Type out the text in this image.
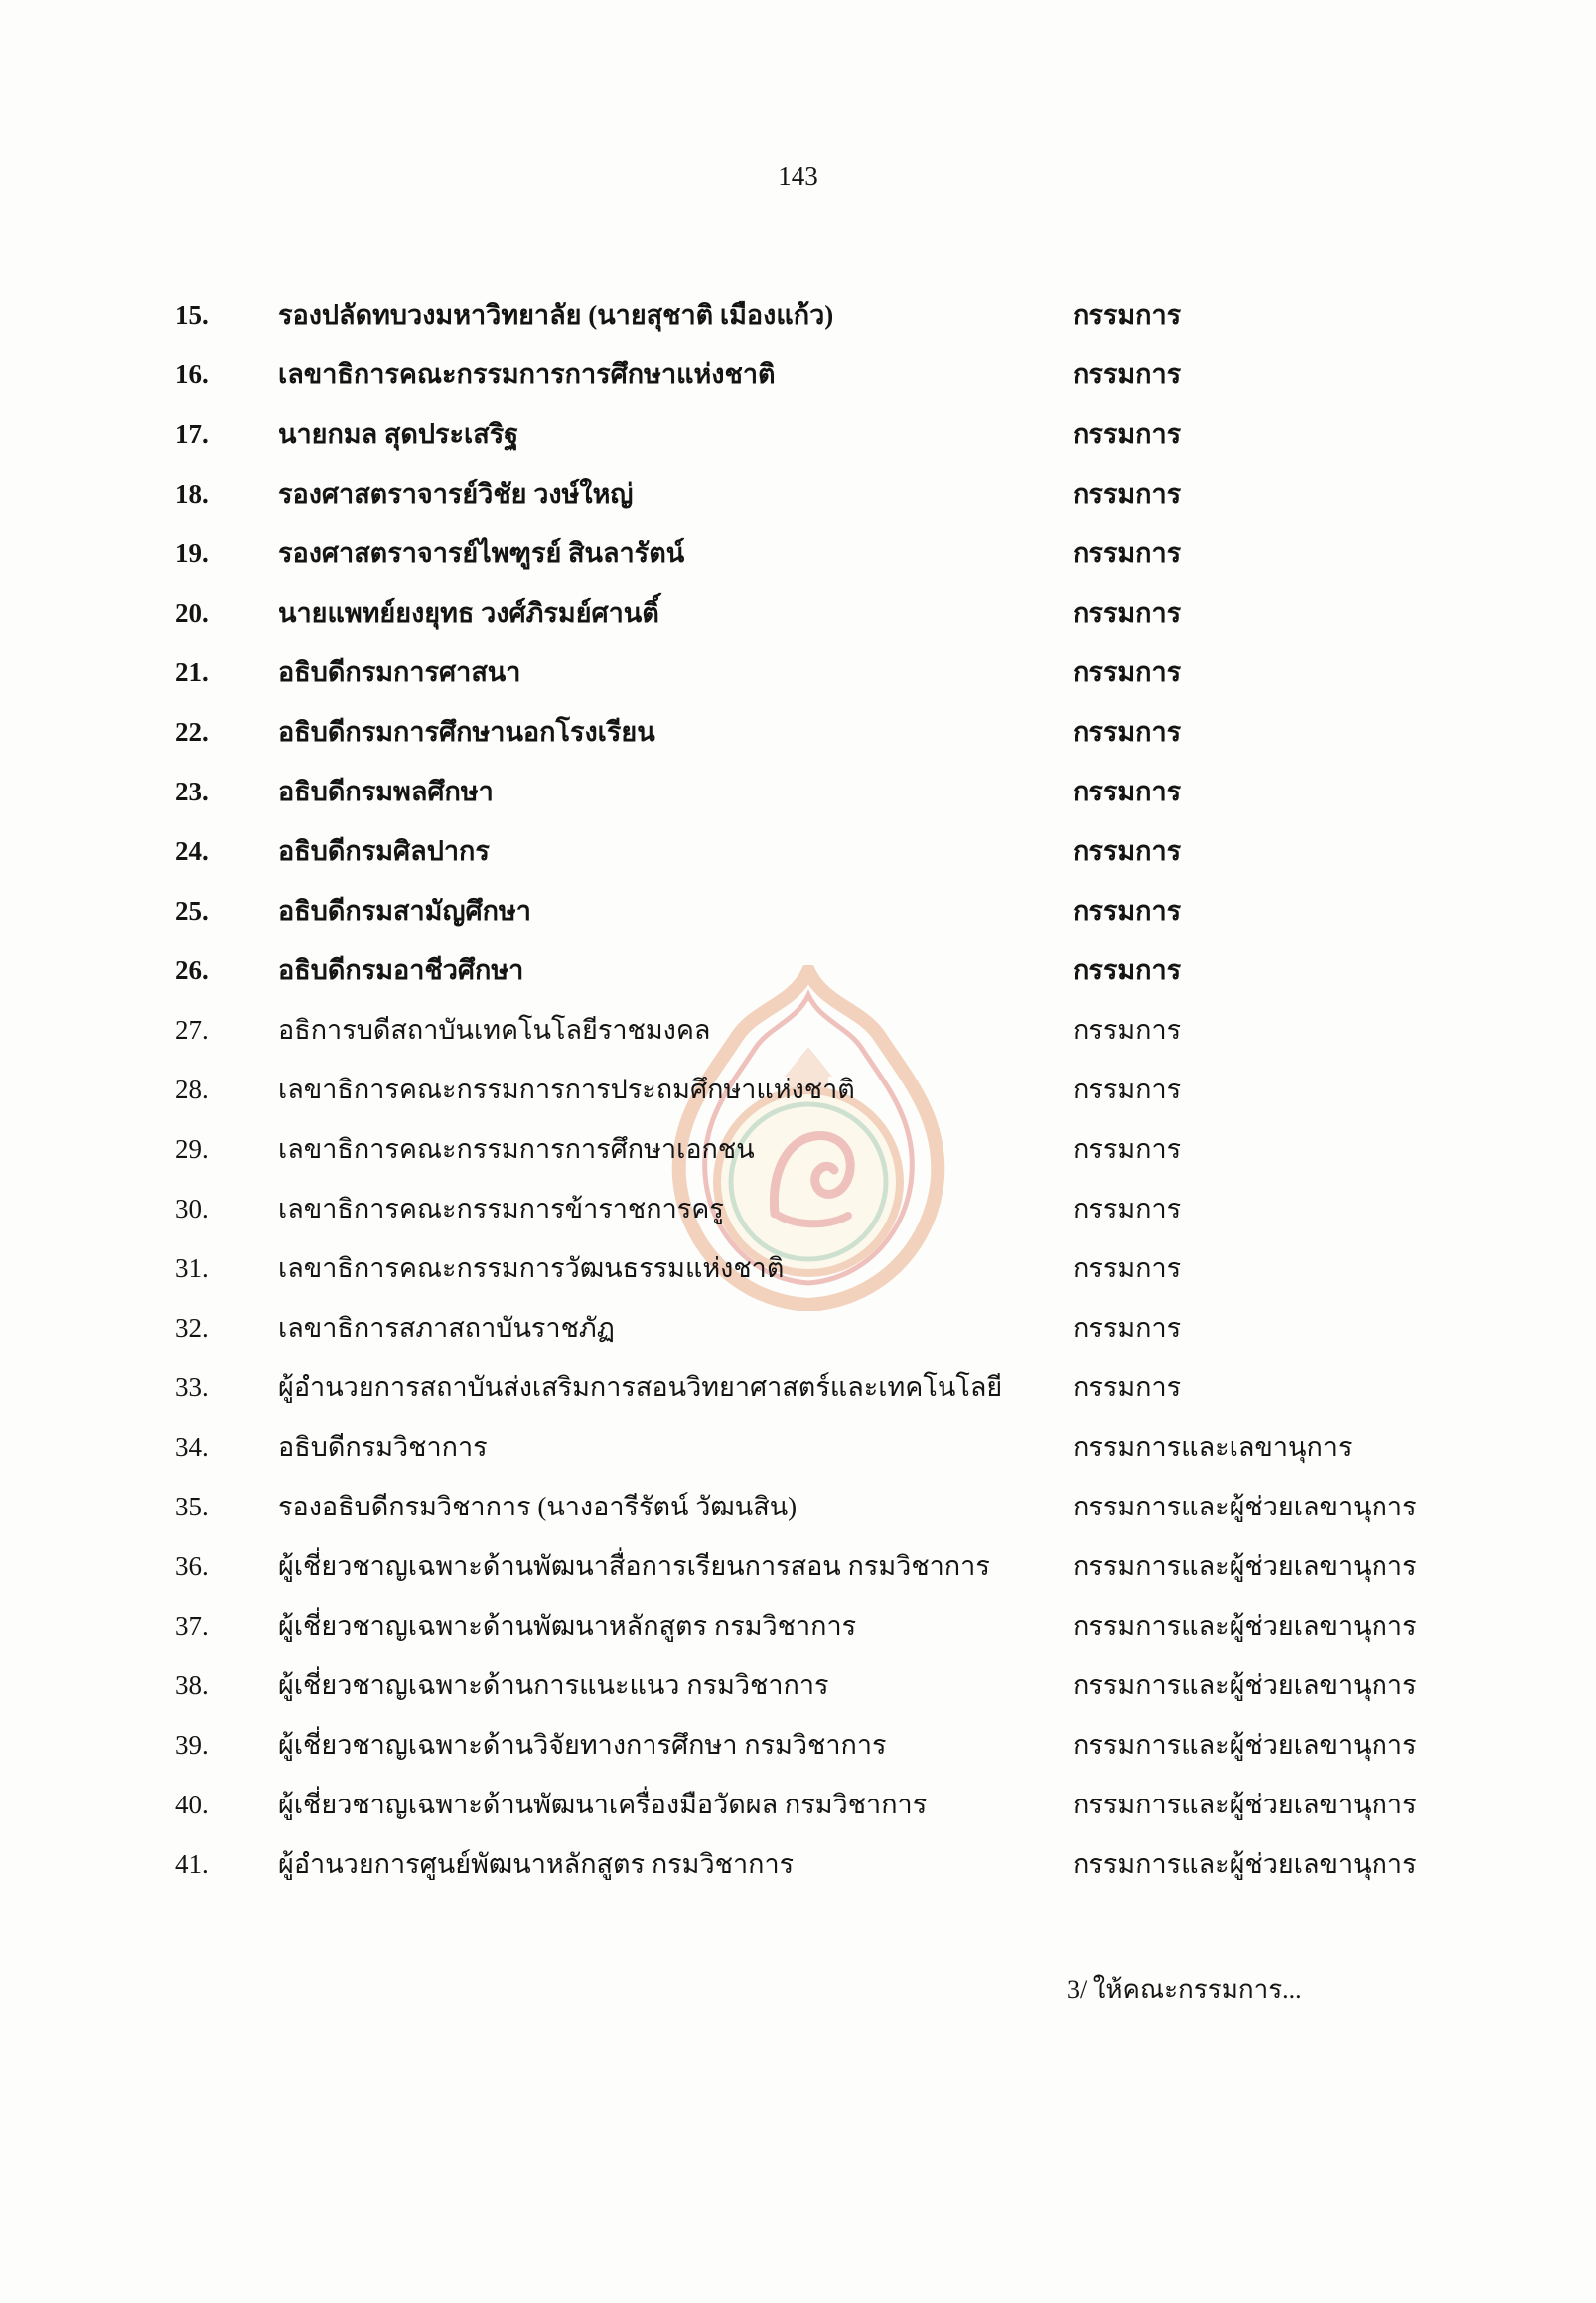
143
15.	รองปลัดทบวงมหาวิทยาลัย (นายสุชาติ เมืองแก้ว)	กรรมการ
16.	เลขาธิการคณะกรรมการการศึกษาแห่งชาติ	กรรมการ
17.	นายกมล สุดประเสริฐ	กรรมการ
18.	รองศาสตราจารย์วิชัย วงษ์ใหญ่	กรรมการ
19.	รองศาสตราจารย์ไพฑูรย์ สินลารัตน์	กรรมการ
20.	นายแพทย์ยงยุทธ วงศ์ภิรมย์ศานติ์	กรรมการ
21.	อธิบดีกรมการศาสนา	กรรมการ
22.	อธิบดีกรมการศึกษานอกโรงเรียน	กรรมการ
23.	อธิบดีกรมพลศึกษา	กรรมการ
24.	อธิบดีกรมศิลปากร	กรรมการ
25.	อธิบดีกรมสามัญศึกษา	กรรมการ
26.	อธิบดีกรมอาชีวศึกษา	กรรมการ
27.	อธิการบดีสถาบันเทคโนโลยีราชมงคล	กรรมการ
28.	เลขาธิการคณะกรรมการการประถมศึกษาแห่งชาติ	กรรมการ
29.	เลขาธิการคณะกรรมการการศึกษาเอกชน	กรรมการ
30.	เลขาธิการคณะกรรมการข้าราชการครู	กรรมการ
31.	เลขาธิการคณะกรรมการวัฒนธรรมแห่งชาติ	กรรมการ
32.	เลขาธิการสภาสถาบันราชภัฏ	กรรมการ
33.	ผู้อำนวยการสถาบันส่งเสริมการสอนวิทยาศาสตร์และเทคโนโลยี	กรรมการ
34.	อธิบดีกรมวิชาการ	กรรมการและเลขานุการ
35.	รองอธิบดีกรมวิชาการ (นางอารีรัตน์ วัฒนสิน)	กรรมการและผู้ช่วยเลขานุการ
36.	ผู้เชี่ยวชาญเฉพาะด้านพัฒนาสื่อการเรียนการสอน กรมวิชาการ	กรรมการและผู้ช่วยเลขานุการ
37.	ผู้เชี่ยวชาญเฉพาะด้านพัฒนาหลักสูตร กรมวิชาการ	กรรมการและผู้ช่วยเลขานุการ
38.	ผู้เชี่ยวชาญเฉพาะด้านการแนะแนว กรมวิชาการ	กรรมการและผู้ช่วยเลขานุการ
39.	ผู้เชี่ยวชาญเฉพาะด้านวิจัยทางการศึกษา กรมวิชาการ	กรรมการและผู้ช่วยเลขานุการ
40.	ผู้เชี่ยวชาญเฉพาะด้านพัฒนาเครื่องมือวัดผล กรมวิชาการ	กรรมการและผู้ช่วยเลขานุการ
41.	ผู้อำนวยการศูนย์พัฒนาหลักสูตร กรมวิชาการ	กรรมการและผู้ช่วยเลขานุการ
3/ ให้คณะกรรมการ...
